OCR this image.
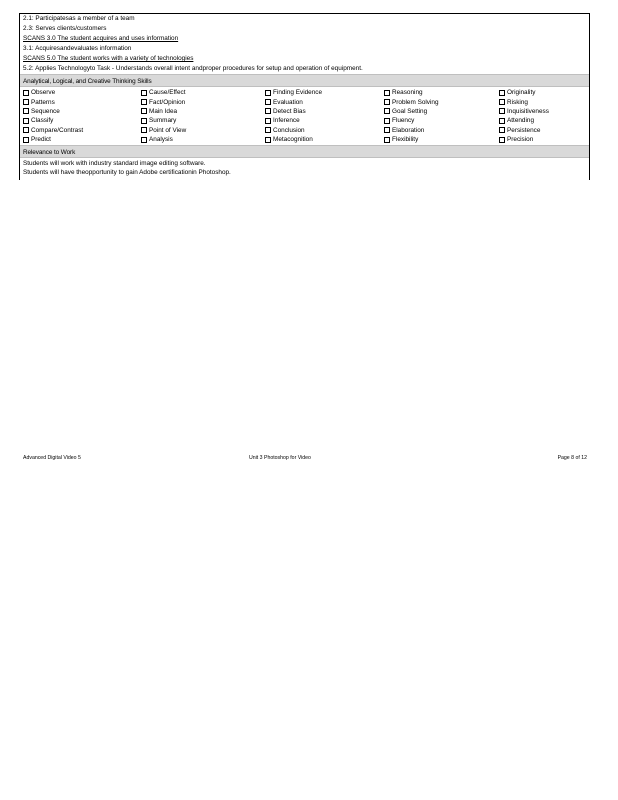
2.1: Participatesas a member of a team
2.3: Serves clients/customers
SCANS 3.0 The student acquires and uses information
3.1: Acquiresandevaluates information
SCANS 5.0 The student works with a variety of technologies
5.2: Applies Technologyto Task - Understands overall intent andproper procedures for setup and operation of equipment.
Analytical, Logical, and Creative Thinking Skills
Observe
Patterns
Sequence
Classify
Compare/Contrast
Predict
Cause/Effect
Fact/Opinion
Main Idea
Summary
Point of View
Analysis
Finding Evidence
Evaluation
Detect Bias
Inference
Conclusion
Metacognition
Reasoning
Problem Solving
Goal Setting
Fluency
Elaboration
Flexibility
Originality
Risking
Inquisitiveness
Attending
Persistence
Precision
Relevance to Work
Students will work with industry standard image editing software.
Students will have theopportunity to gain Adobe certificationin Photoshop.
Advanced Digital Video 5	Unit 3 Photoshop for Video	Page 8 of 12
